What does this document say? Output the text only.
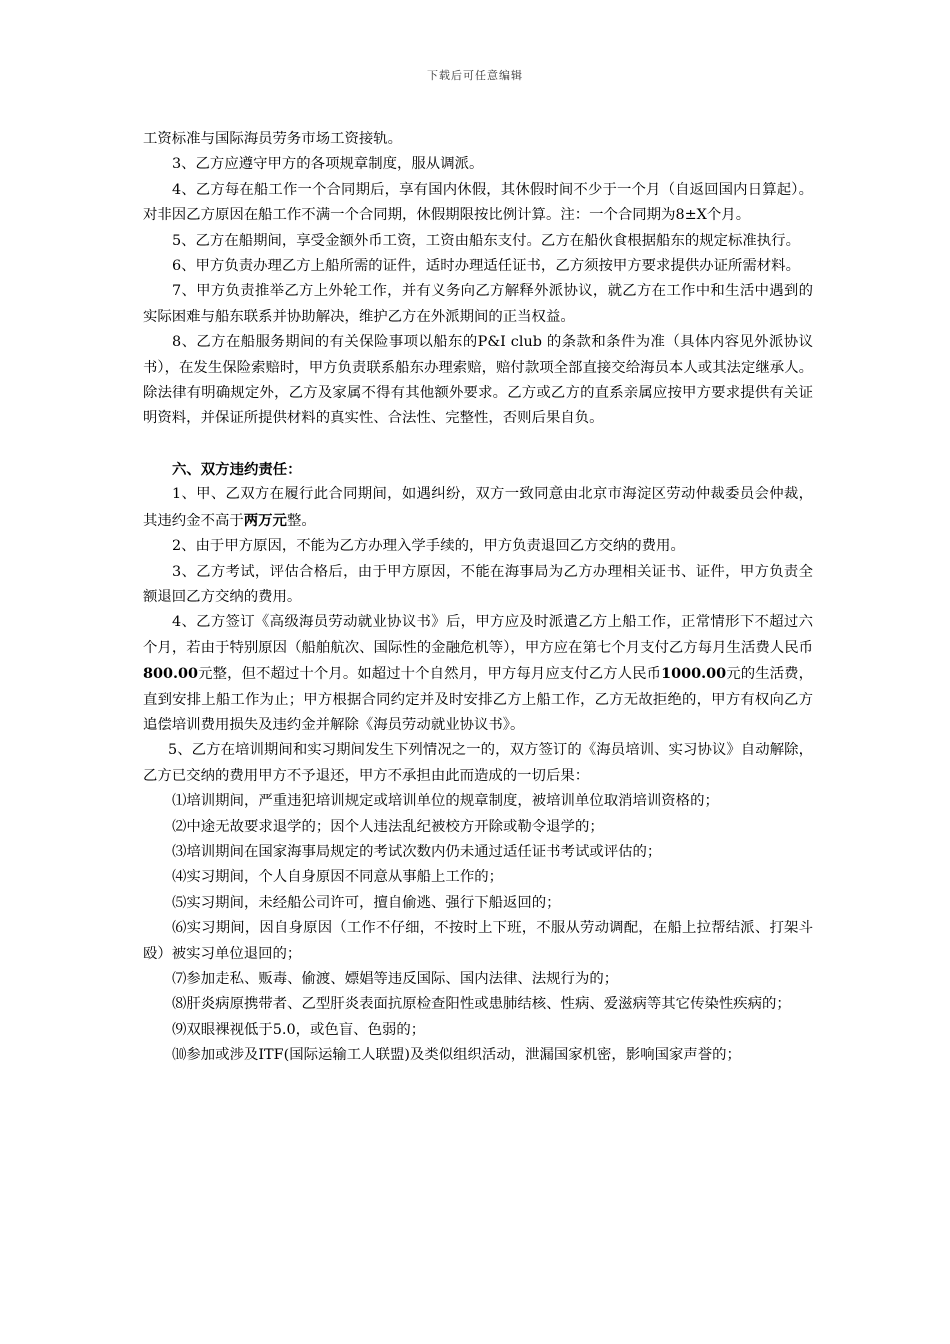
下载后可任意编辑

工资标准与国际海员劳务市场工资接轨。

3、乙方应遵守甲方的各项规章制度，服从调派。

4、乙方每在船工作一个合同期后，享有国内休假，其休假时间不少于一个月（自返回国内日算起）。对非因乙方原因在船工作不满一个合同期，休假期限按比例计算。注：一个合同期为8±X个月。

5、乙方在船期间，享受金额外币工资，工资由船东支付。乙方在船伙食根据船东的规定标准执行。

6、甲方负责办理乙方上船所需的证件，适时办理适任证书，乙方须按甲方要求提供办证所需材料。

7、甲方负责推举乙方上外轮工作，并有义务向乙方解释外派协议，就乙方在工作中和生活中遇到的实际困难与船东联系并协助解决，维护乙方在外派期间的正当权益。

8、乙方在船服务期间的有关保险事项以船东的P&I club 的条款和条件为准（具体内容见外派协议书），在发生保险索赔时，甲方负责联系船东办理索赔，赔付款项全部直接交给海员本人或其法定继承人。除法律有明确规定外，乙方及家属不得有其他额外要求。乙方或乙方的直系亲属应按甲方要求提供有关证明资料，并保证所提供材料的真实性、合法性、完整性，否则后果自负。

六、双方违约责任：

1、甲、乙双方在履行此合同期间，如遇纠纷，双方一致同意由北京市海淀区劳动仲裁委员会仲裁，其违约金不高于两万元整。

2、由于甲方原因，不能为乙方办理入学手续的，甲方负责退回乙方交纳的费用。

3、乙方考试，评估合格后，由于甲方原因，不能在海事局为乙方办理相关证书、证件，甲方负责全额退回乙方交纳的费用。

4、乙方签订《高级海员劳动就业协议书》后，甲方应及时派遣乙方上船工作，正常情形下不超过六个月，若由于特别原因（船舶航次、国际性的金融危机等），甲方应在第七个月支付乙方每月生活费人民币800.00元整，但不超过十个月。如超过十个自然月，甲方每月应支付乙方人民币1000.00元的生活费，直到安排上船工作为止；甲方根据合同约定并及时安排乙方上船工作，乙方无故拒绝的，甲方有权向乙方追偿培训费用损失及违约金并解除《海员劳动就业协议书》。

5、乙方在培训期间和实习期间发生下列情况之一的，双方签订的《海员培训、实习协议》自动解除，乙方已交纳的费用甲方不予退还，甲方不承担由此而造成的一切后果：

⑴培训期间，严重违犯培训规定或培训单位的规章制度，被培训单位取消培训资格的；

⑵中途无故要求退学的；因个人违法乱纪被校方开除或勒令退学的；

⑶培训期间在国家海事局规定的考试次数内仍未通过适任证书考试或评估的；

⑷实习期间，个人自身原因不同意从事船上工作的；

⑸实习期间，未经船公司许可，擅自偷逃、强行下船返回的；

⑹实习期间，因自身原因（工作不仔细，不按时上下班，不服从劳动调配，在船上拉帮结派、打架斗殴）被实习单位退回的；

⑺参加走私、贩毒、偷渡、嫖娼等违反国际、国内法律、法规行为的；

⑻肝炎病原携带者、乙型肝炎表面抗原检查阳性或患肺结核、性病、爱滋病等其它传染性疾病的；

⑼双眼裸视低于5.0，或色盲、色弱的；

⑽参加或涉及ITF(国际运输工人联盟)及类似组织活动，泄漏国家机密，影响国家声誉的；
